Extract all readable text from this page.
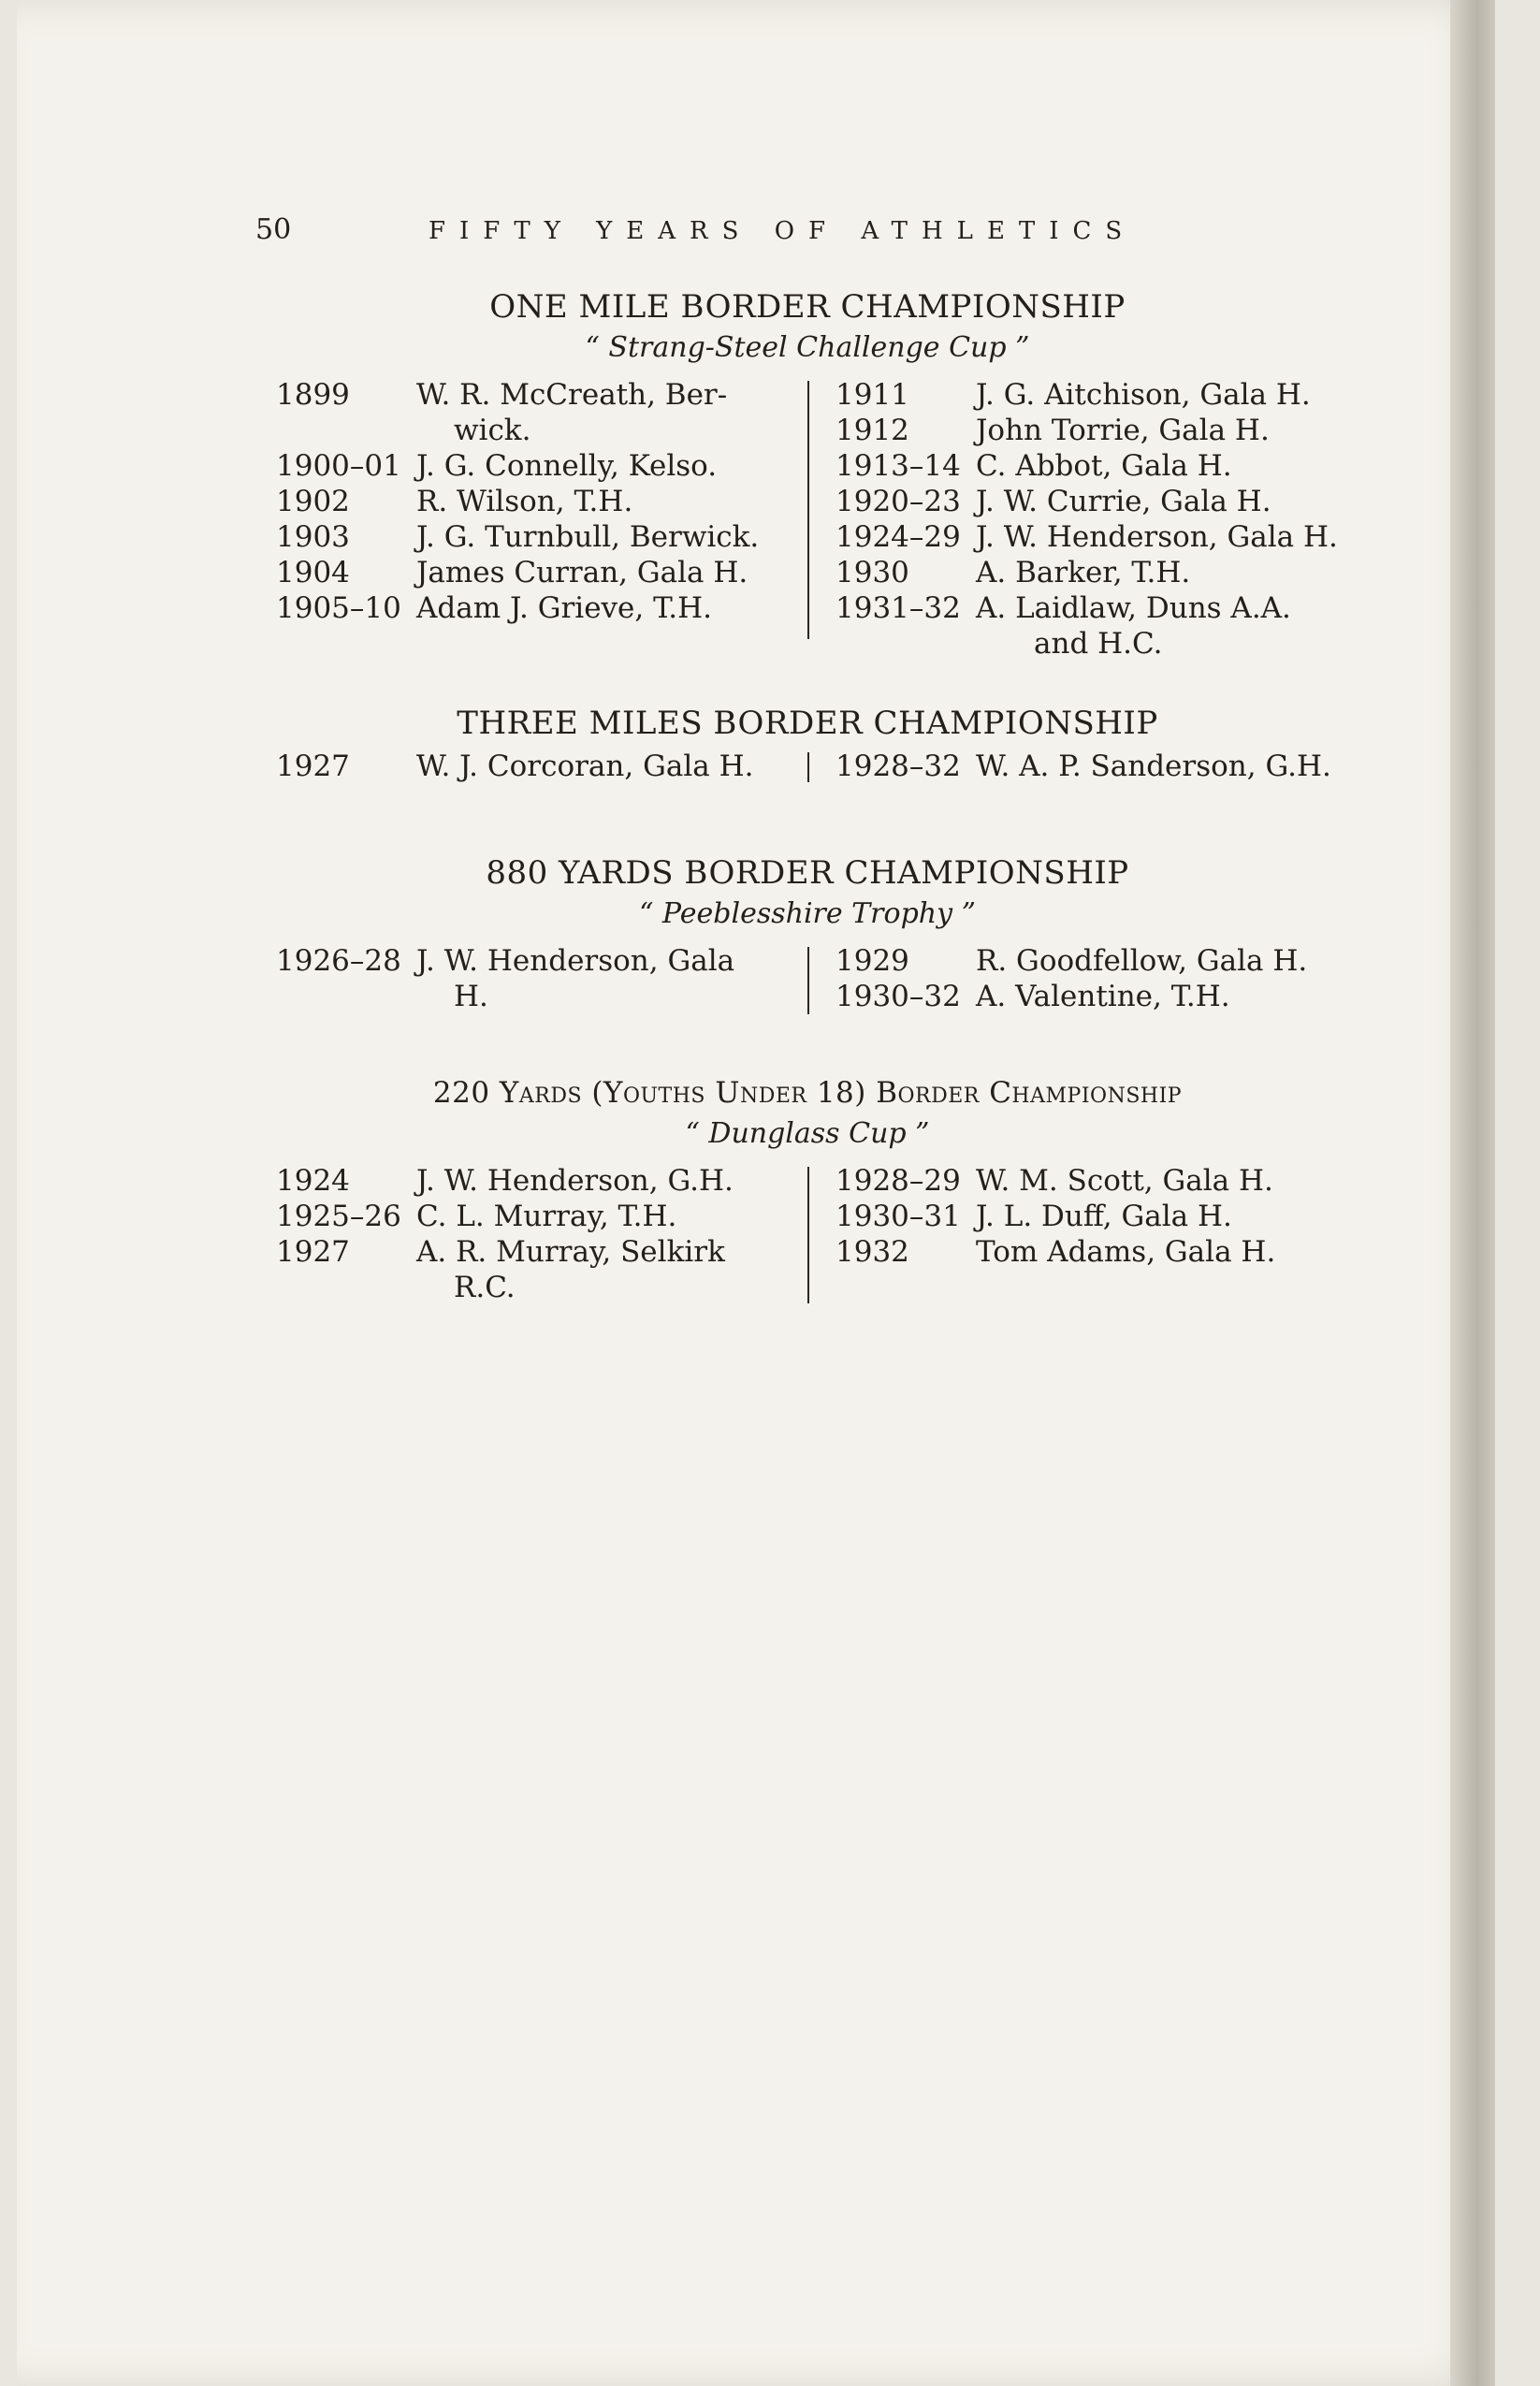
50	FIFTY YEARS OF ATHLETICS

ONE MILE BORDER CHAMPIONSHIP

“ Strang-Steel Challenge Cup ”

1899	W. R. McCreath, Ber-
wick.
1900–01 J. G. Connelly, Kelso.
1902	R. Wilson, T.H.
1903	J. G. Turnbull, Berwick.
1904	James Curran, Gala H.
1905–10 Adam J. Grieve, T.H.
1911	J. G. Aitchison, Gala H.
1912	John Torrie, Gala H.
1913–14 C. Abbot, Gala H.
1920–23 J. W. Currie, Gala H.
1924–29 J. W. Henderson, Gala H.
1930	A. Barker, T.H.
1931–32 A. Laidlaw, Duns A.A.
and H.C.

THREE MILES BORDER CHAMPIONSHIP

1927	W. J. Corcoran, Gala H.	1928–32 W. A. P. Sanderson, G.H.

880 YARDS BORDER CHAMPIONSHIP

“ Peeblesshire Trophy ”

1926–28 J. W. Henderson, Gala
H.
1929	R. Goodfellow, Gala H.
1930–32 A. Valentine, T.H.

220 Yards (Youths Under 18) Border Championship

“ Dunglass Cup ”

1924	J. W. Henderson, G.H.
1925–26 C. L. Murray, T.H.
1927	A. R. Murray, Selkirk
R.C.
1928–29 W. M. Scott, Gala H.
1930–31 J. L. Duff, Gala H.
1932	Tom Adams, Gala H.
